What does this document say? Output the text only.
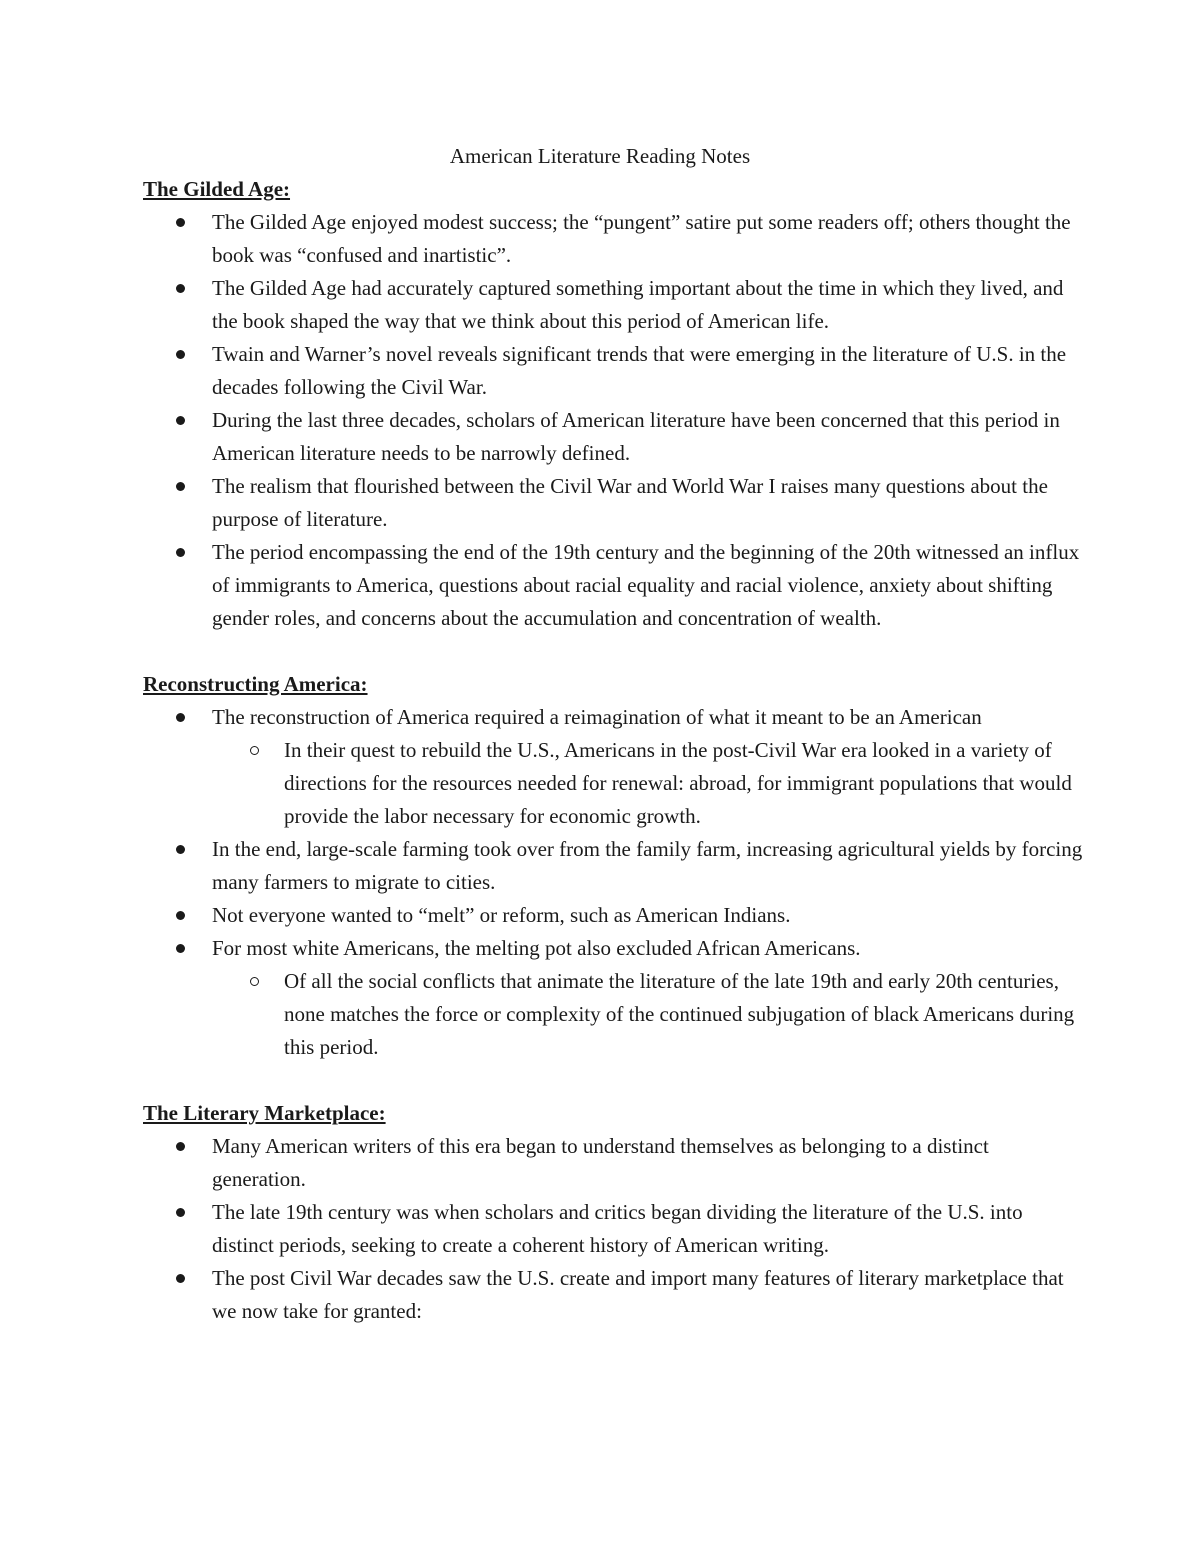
American Literature Reading Notes
The Gilded Age:
The Gilded Age enjoyed modest success; the “pungent” satire put some readers off; others thought the book was “confused and inartistic”.
The Gilded Age had accurately captured something important about the time in which they lived, and the book shaped the way that we think about this period of American life.
Twain and Warner’s novel reveals significant trends that were emerging in the literature of U.S. in the decades following the Civil War.
During the last three decades, scholars of American literature have been concerned that this period in American literature needs to be narrowly defined.
The realism that flourished between the Civil War and World War I raises many questions about the purpose of literature.
The period encompassing the end of the 19th century and the beginning of the 20th witnessed an influx of immigrants to America, questions about racial equality and racial violence, anxiety about shifting gender roles, and concerns about the accumulation and concentration of wealth.
Reconstructing America:
The reconstruction of America required a reimagination of what it meant to be an American
In their quest to rebuild the U.S., Americans in the post-Civil War era looked in a variety of directions for the resources needed for renewal: abroad, for immigrant populations that would provide the labor necessary for economic growth.
In the end, large-scale farming took over from the family farm, increasing agricultural yields by forcing many farmers to migrate to cities.
Not everyone wanted to “melt” or reform, such as American Indians.
For most white Americans, the melting pot also excluded African Americans.
Of all the social conflicts that animate the literature of the late 19th and early 20th centuries, none matches the force or complexity of the continued subjugation of black Americans during this period.
The Literary Marketplace:
Many American writers of this era began to understand themselves as belonging to a distinct generation.
The late 19th century was when scholars and critics began dividing the literature of the U.S. into distinct periods, seeking to create a coherent history of American writing.
The post Civil War decades saw the U.S. create and import many features of literary marketplace that we now take for granted:
